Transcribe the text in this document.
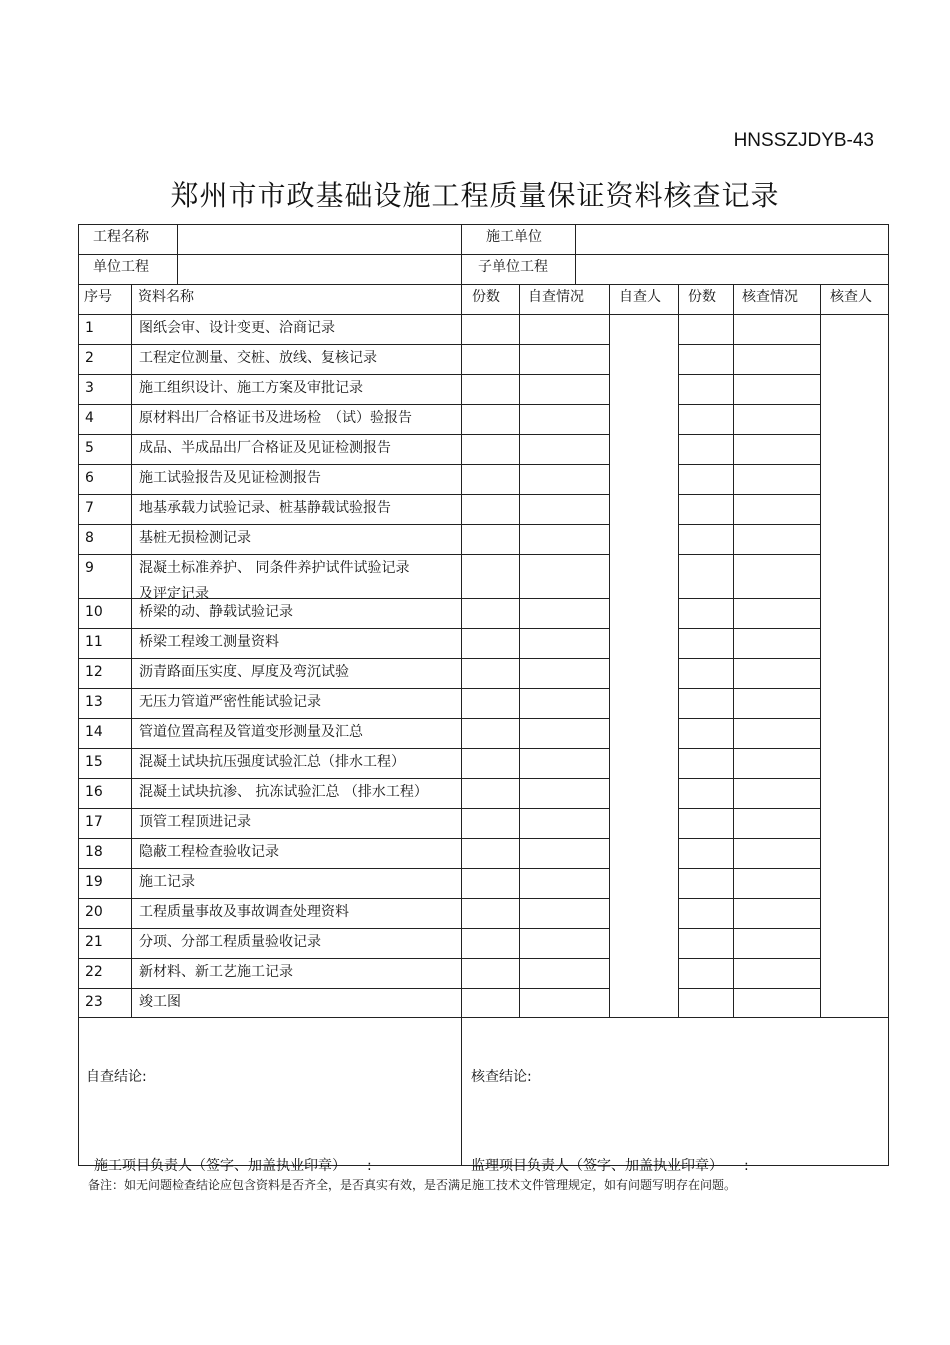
HNSSZJDYB-43
郑州市市政基础设施工程质量保证资料核查记录
工程名称	施工单位
单位工程	子单位工程
序号 资料名称	份数 自查情况	自查人 份数 核查情况 核查人
1	图纸会审、设计变更、洽商记录
2	工程定位测量、交桩、放线、复核记录
3	施工组织设计、施工方案及审批记录
4	原材料出厂合格证书及进场检　（试）验报告
5	成品、半成品出厂合格证及见证检测报告
6	施工试验报告及见证检测报告
7	地基承载力试验记录、桩基静载试验报告
8	基桩无损检测记录
9	混凝土标准养护、 同条件养护试件试验记录
及评定记录
10	桥梁的动、静载试验记录
11	桥梁工程竣工测量资料
12	沥青路面压实度、厚度及弯沉试验
13	无压力管道严密性能试验记录
14	管道位置高程及管道变形测量及汇总
15	混凝土试块抗压强度试验汇总（排水工程）
16	混凝土试块抗渗、 抗冻试验汇总 （排水工程）
17	顶管工程顶进记录
18	隐蔽工程检查验收记录
19	施工记录
20	工程质量事故及事故调查处理资料
21	分项、分部工程质量验收记录
22	新材料、新工艺施工记录
23	竣工图
自查结论:	核查结论:
施工项目负责人（签字、加盖执业印章）　　:	监理项目负责人（签字、加盖执业印章）　　:
备注：如无问题检查结论应包含资料是否齐全，是否真实有效，是否满足施工技术文件管理规定，如有问题写明存在问题。
